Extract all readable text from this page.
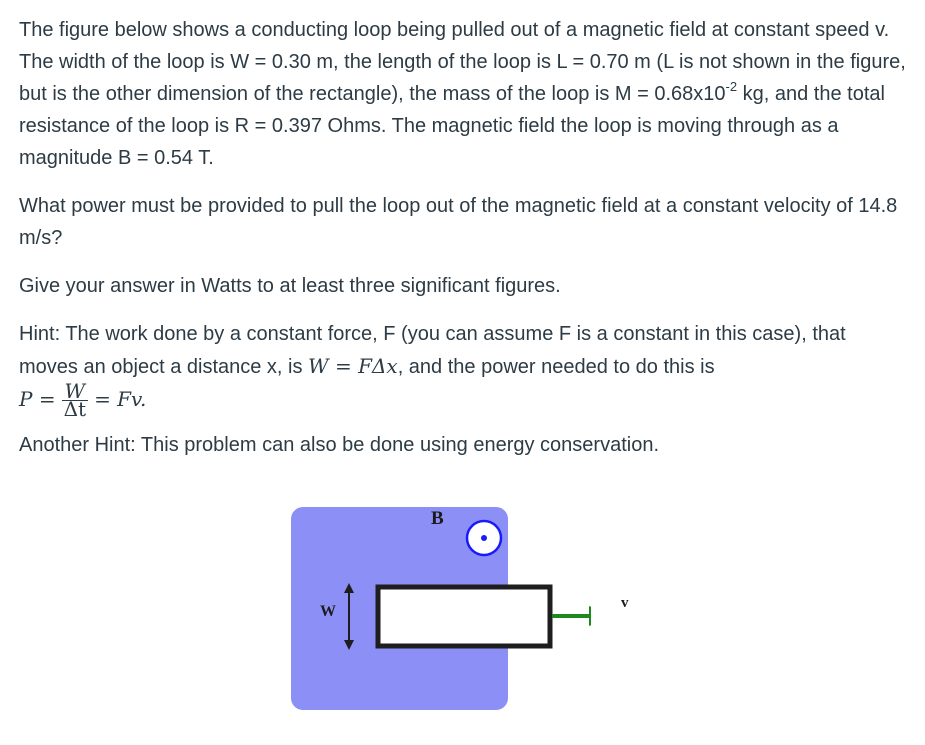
The figure below shows a conducting loop being pulled out of a magnetic field at constant speed v. The width of the loop is W = 0.30 m, the length of the loop is L = 0.70 m (L is not shown in the figure, but is the other dimension of the rectangle), the mass of the loop is $M = 0.68x10^{-2}$ kg, and the total resistance of the loop is R = 0.397 Ohms. The magnetic field the loop is moving through as a magnitude B = 0.54 T.

What power must be provided to pull the loop out of the magnetic field at a constant velocity of 14.8 m/s?

Give your answer in Watts to at least three significant figures.

Hint: The work done by a constant force, F (you can assume F is a constant in this case), that moves an object a distance x, is W = FΔx, and the power needed to do this is
$P = \frac{W}{\Delta t} = Fv$.

Another Hint: This problem can also be done using energy conservation.

B
W	v
